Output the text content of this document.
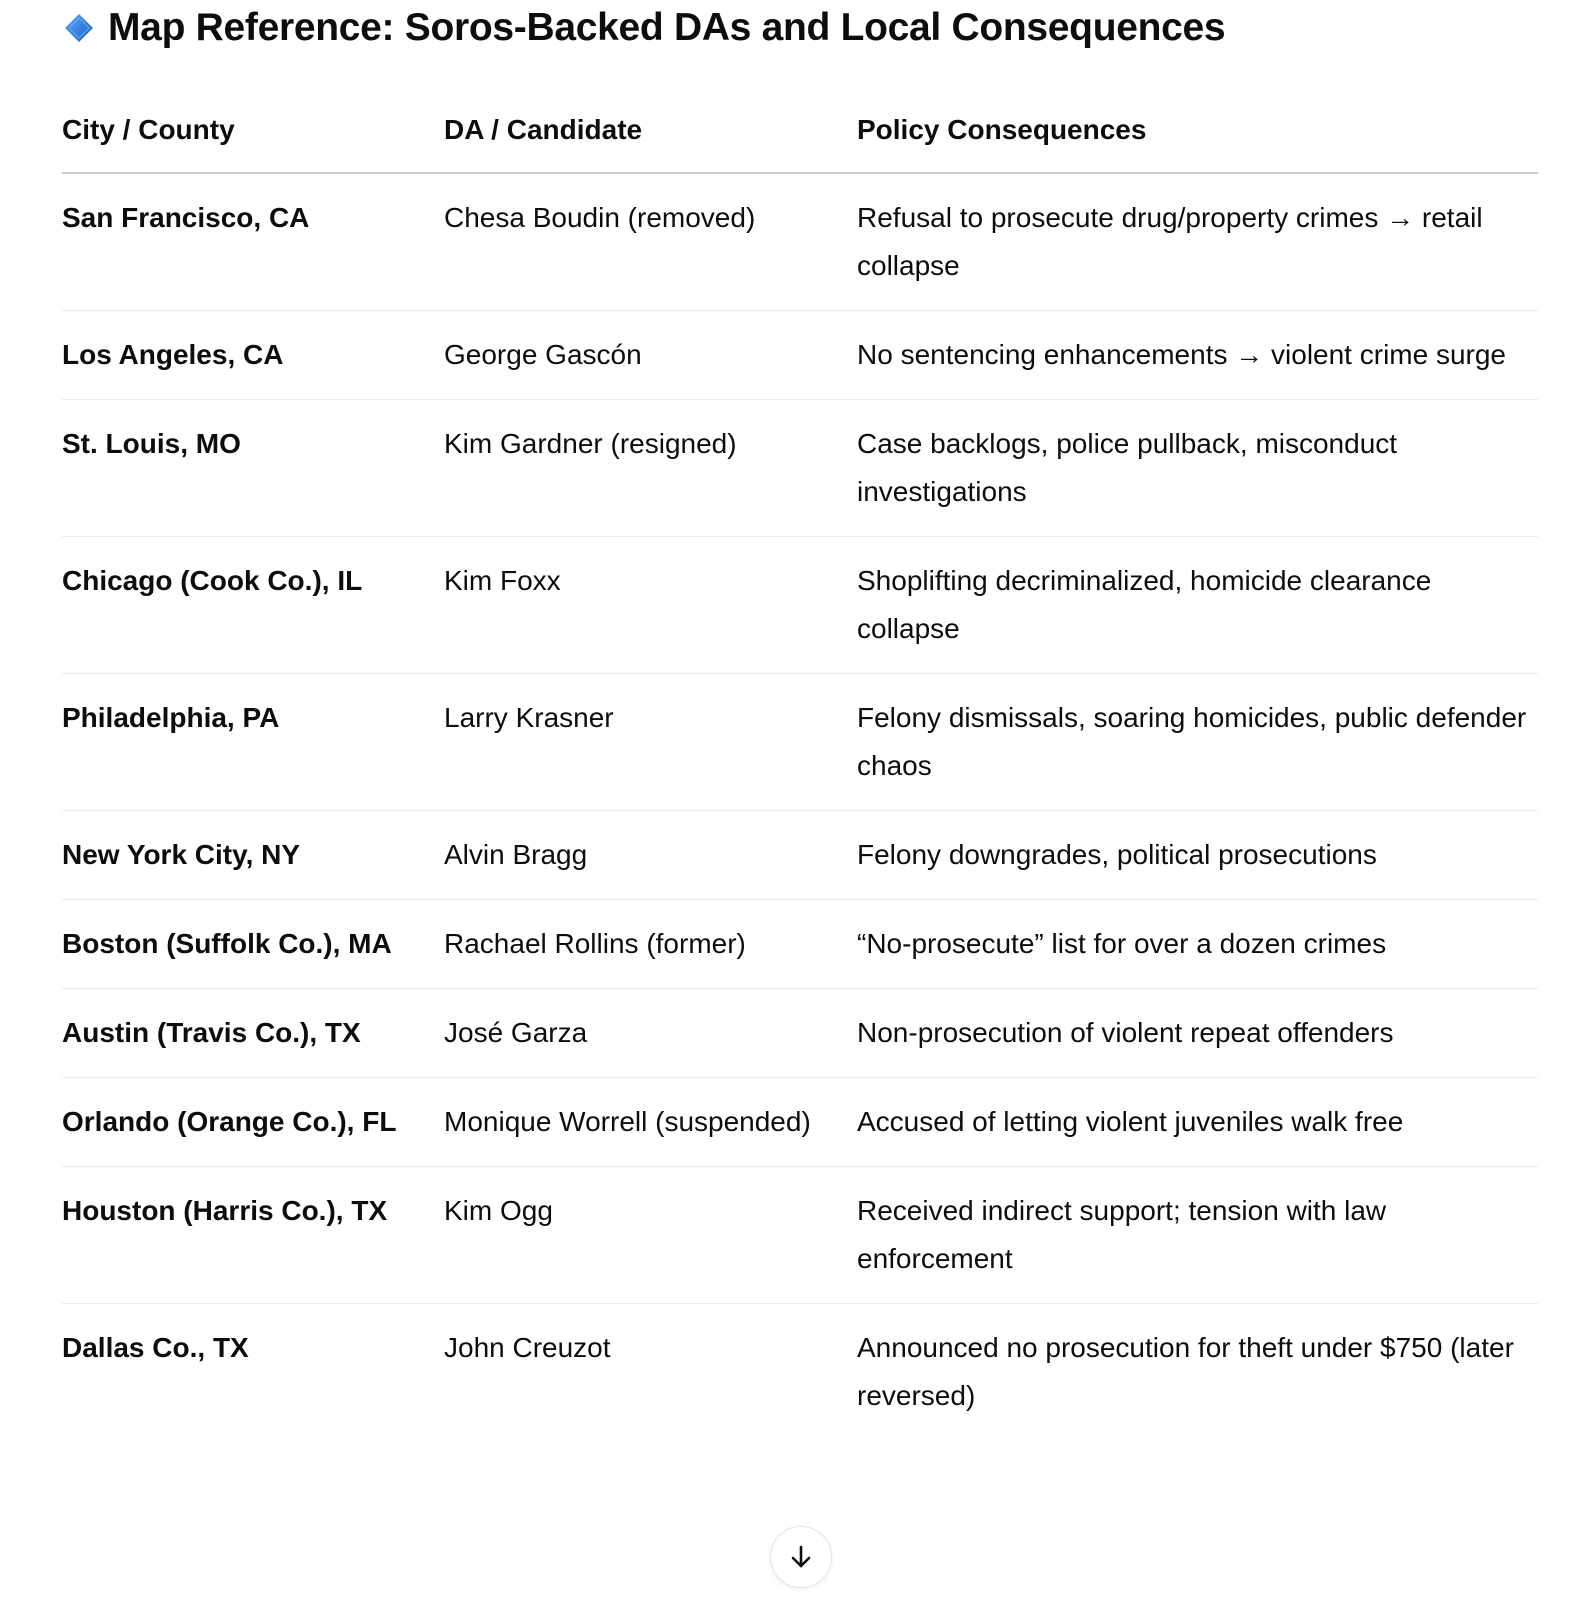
Map Reference: Soros-Backed DAs and Local Consequences
City / County	DA / Candidate	Policy Consequences
San Francisco, CA	Chesa Boudin (removed)	Refusal to prosecute drug/property crimes → retail collapse
Los Angeles, CA	George Gascón	No sentencing enhancements → violent crime surge
St. Louis, MO	Kim Gardner (resigned)	Case backlogs, police pullback, misconduct investigations
Chicago (Cook Co.), IL	Kim Foxx	Shoplifting decriminalized, homicide clearance collapse
Philadelphia, PA	Larry Krasner	Felony dismissals, soaring homicides, public defender chaos
New York City, NY	Alvin Bragg	Felony downgrades, political prosecutions
Boston (Suffolk Co.), MA	Rachael Rollins (former)	“No-prosecute” list for over a dozen crimes
Austin (Travis Co.), TX	José Garza	Non-prosecution of violent repeat offenders
Orlando (Orange Co.), FL	Monique Worrell (suspended)	Accused of letting violent juveniles walk free
Houston (Harris Co.), TX	Kim Ogg	Received indirect support; tension with law enforcement
Dallas Co., TX	John Creuzot	Announced no prosecution for theft under $750 (later reversed)
